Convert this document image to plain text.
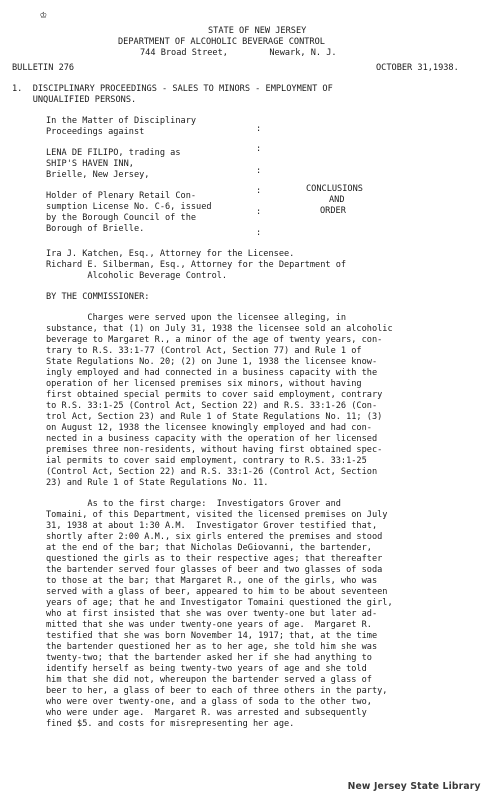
♔
STATE OF NEW JERSEY
DEPARTMENT OF ALCOHOLIC BEVERAGE CONTROL
744 Broad Street,        Newark, N. J.
BULLETIN 276	OCTOBER 31,1938.
1.  DISCIPLINARY PROCEEDINGS - SALES TO MINORS - EMPLOYMENT OF
UNQUALIFIED PERSONS.
In the Matter of Disciplinary
Proceedings against
LENA DE FILIPO, trading as
SHIP'S HAVEN INN,
Brielle, New Jersey,
Holder of Plenary Retail Con-
sumption License No. C-6, issued
by the Borough Council of the
Borough of Brielle.
:
:
:
:
:
:
CONCLUSIONS
AND
ORDER
Ira J. Katchen, Esq., Attorney for the Licensee.
Richard E. Silberman, Esq., Attorney for the Department of
Alcoholic Beverage Control.
BY THE COMMISSIONER:
Charges were served upon the licensee alleging, in
substance, that (1) on July 31, 1938 the licensee sold an alcoholic
beverage to Margaret R., a minor of the age of twenty years, con-
trary to R.S. 33:1-77 (Control Act, Section 77) and Rule 1 of
State Regulations No. 20; (2) on June 1, 1938 the licensee know-
ingly employed and had connected in a business capacity with the
operation of her licensed premises six minors, without having
first obtained special permits to cover said employment, contrary
to R.S. 33:1-25 (Control Act, Section 22) and R.S. 33:1-26 (Con-
trol Act, Section 23) and Rule 1 of State Regulations No. 11; (3)
on August 12, 1938 the licensee knowingly employed and had con-
nected in a business capacity with the operation of her licensed
premises three non-residents, without having first obtained spec-
ial permits to cover said employment, contrary to R.S. 33:1-25
(Control Act, Section 22) and R.S. 33:1-26 (Control Act, Section
23) and Rule 1 of State Regulations No. 11.
As to the first charge:  Investigators Grover and
Tomaini, of this Department, visited the licensed premises on July
31, 1938 at about 1:30 A.M.  Investigator Grover testified that,
shortly after 2:00 A.M., six girls entered the premises and stood
at the end of the bar; that Nicholas DeGiovanni, the bartender,
questioned the girls as to their respective ages; that thereafter
the bartender served four glasses of beer and two glasses of soda
to those at the bar; that Margaret R., one of the girls, who was
served with a glass of beer, appeared to him to be about seventeen
years of age; that he and Investigator Tomaini questioned the girl,
who at first insisted that she was over twenty-one but later ad-
mitted that she was under twenty-one years of age.  Margaret R.
testified that she was born November 14, 1917; that, at the time
the bartender questioned her as to her age, she told him she was
twenty-two; that the bartender asked her if she had anything to
identify herself as being twenty-two years of age and she told
him that she did not, whereupon the bartender served a glass of
beer to her, a glass of beer to each of three others in the party,
who were over twenty-one, and a glass of soda to the other two,
who were under age.  Margaret R. was arrested and subsequently
fined $5. and costs for misrepresenting her age.
New Jersey State Library
